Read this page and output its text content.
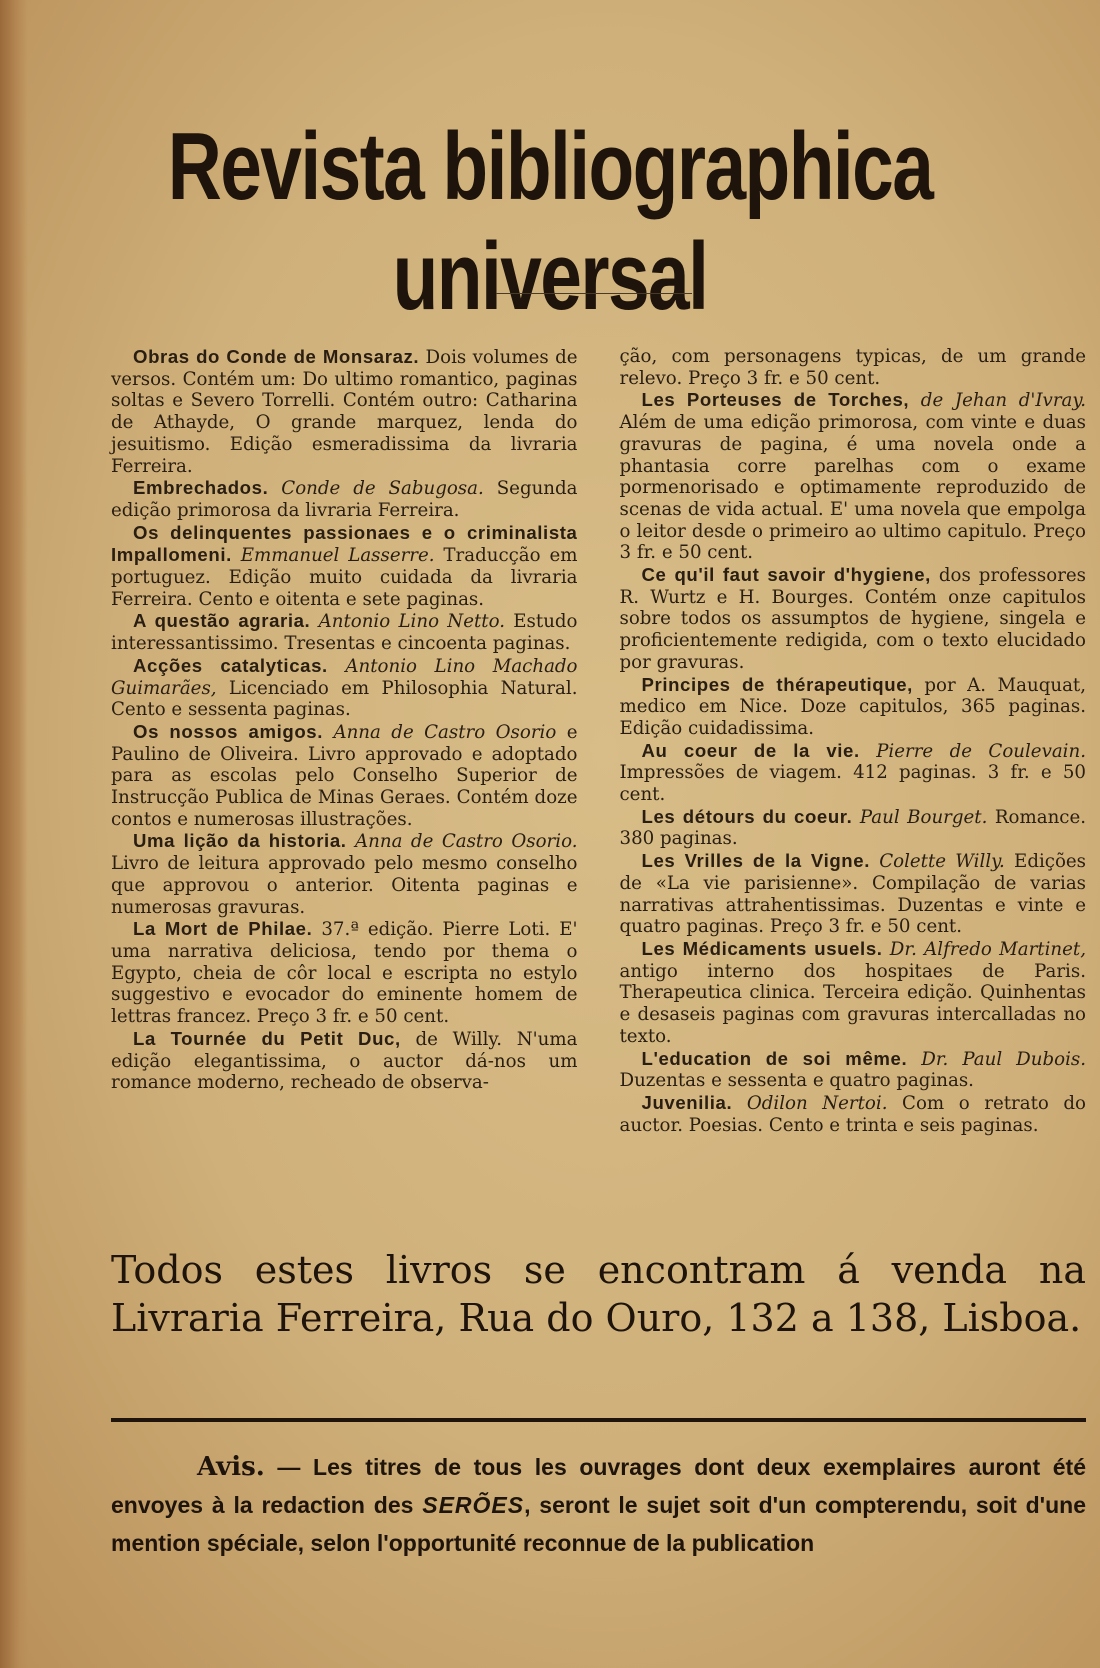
Revista bibliographica universal

Obras do Conde de Monsaraz. Dois volumes de versos. Contém um: Do ultimo romantico, paginas soltas e Severo Torrelli. Contém outro: Catharina de Athayde, O grande marquez, lenda do jesuitismo. Edição esmeradissima da livraria Ferreira.

Embrechados. Conde de Sabugosa. Segunda edição primorosa da livraria Ferreira.

Os delinquentes passionaes e o criminalista Impallomeni. Emmanuel Lasserre. Traducção em portuguez. Edição muito cuidada da livraria Ferreira. Cento e oitenta e sete paginas.

A questão agraria. Antonio Lino Netto. Estudo interessantissimo. Tresentas e cincoenta paginas.

Acções catalyticas. Antonio Lino Machado Guimarães, Licenciado em Philosophia Natural. Cento e sessenta paginas.

Os nossos amigos. Anna de Castro Osorio e Paulino de Oliveira. Livro approvado e adoptado para as escolas pelo Conselho Superior de Instrucção Publica de Minas Geraes. Contém doze contos e numerosas illustrações.

Uma lição da historia. Anna de Castro Osorio. Livro de leitura approvado pelo mesmo conselho que approvou o anterior. Oitenta paginas e numerosas gravuras.

La Mort de Philae. 37.ª edição. Pierre Loti. E' uma narrativa deliciosa, tendo por thema o Egypto, cheia de côr local e escripta no estylo suggestivo e evocador do eminente homem de lettras francez. Preço 3 fr. e 50 cent.

La Tournée du Petit Duc, de Willy. N'uma edição elegantissima, o auctor dá-nos um romance moderno, recheado de observa-

ção, com personagens typicas, de um grande relevo. Preço 3 fr. e 50 cent.

Les Porteuses de Torches, de Jehan d'Ivray. Além de uma edição primorosa, com vinte e duas gravuras de pagina, é uma novela onde a phantasia corre parelhas com o exame pormenorisado e optimamente reproduzido de scenas de vida actual. E' uma novela que empolga o leitor desde o primeiro ao ultimo capitulo. Preço 3 fr. e 50 cent.

Ce qu'il faut savoir d'hygiene, dos professores R. Wurtz e H. Bourges. Contém onze capitulos sobre todos os assumptos de hygiene, singela e proficientemente redigida, com o texto elucidado por gravuras.

Principes de thérapeutique, por A. Mauquat, medico em Nice. Doze capitulos, 365 paginas. Edição cuidadissima.

Au coeur de la vie. Pierre de Coulevain. Impressões de viagem. 412 paginas. 3 fr. e 50 cent.

Les détours du coeur. Paul Bourget. Romance. 380 paginas.

Les Vrilles de la Vigne. Colette Willy. Edições de «La vie parisienne». Compilação de varias narrativas attrahentissimas. Duzentas e vinte e quatro paginas. Preço 3 fr. e 50 cent.

Les Médicaments usuels. Dr. Alfredo Martinet, antigo interno dos hospitaes de Paris. Therapeutica clinica. Terceira edição. Quinhentas e desaseis paginas com gravuras intercalladas no texto.

L'education de soi même. Dr. Paul Dubois. Duzentas e sessenta e quatro paginas.

Juvenilia. Odilon Nertoi. Com o retrato do auctor. Poesias. Cento e trinta e seis paginas.

Todos estes livros se encontram á venda na Livraria Ferreira, Rua do Ouro, 132 a 138, Lisboa.
Avis. — Les titres de tous les ouvrages dont deux exemplaires auront été envoyes à la redaction des SERÕES, seront le sujet soit d'un compterendu, soit d'une mention spéciale, selon l'opportunité reconnue de la publication
